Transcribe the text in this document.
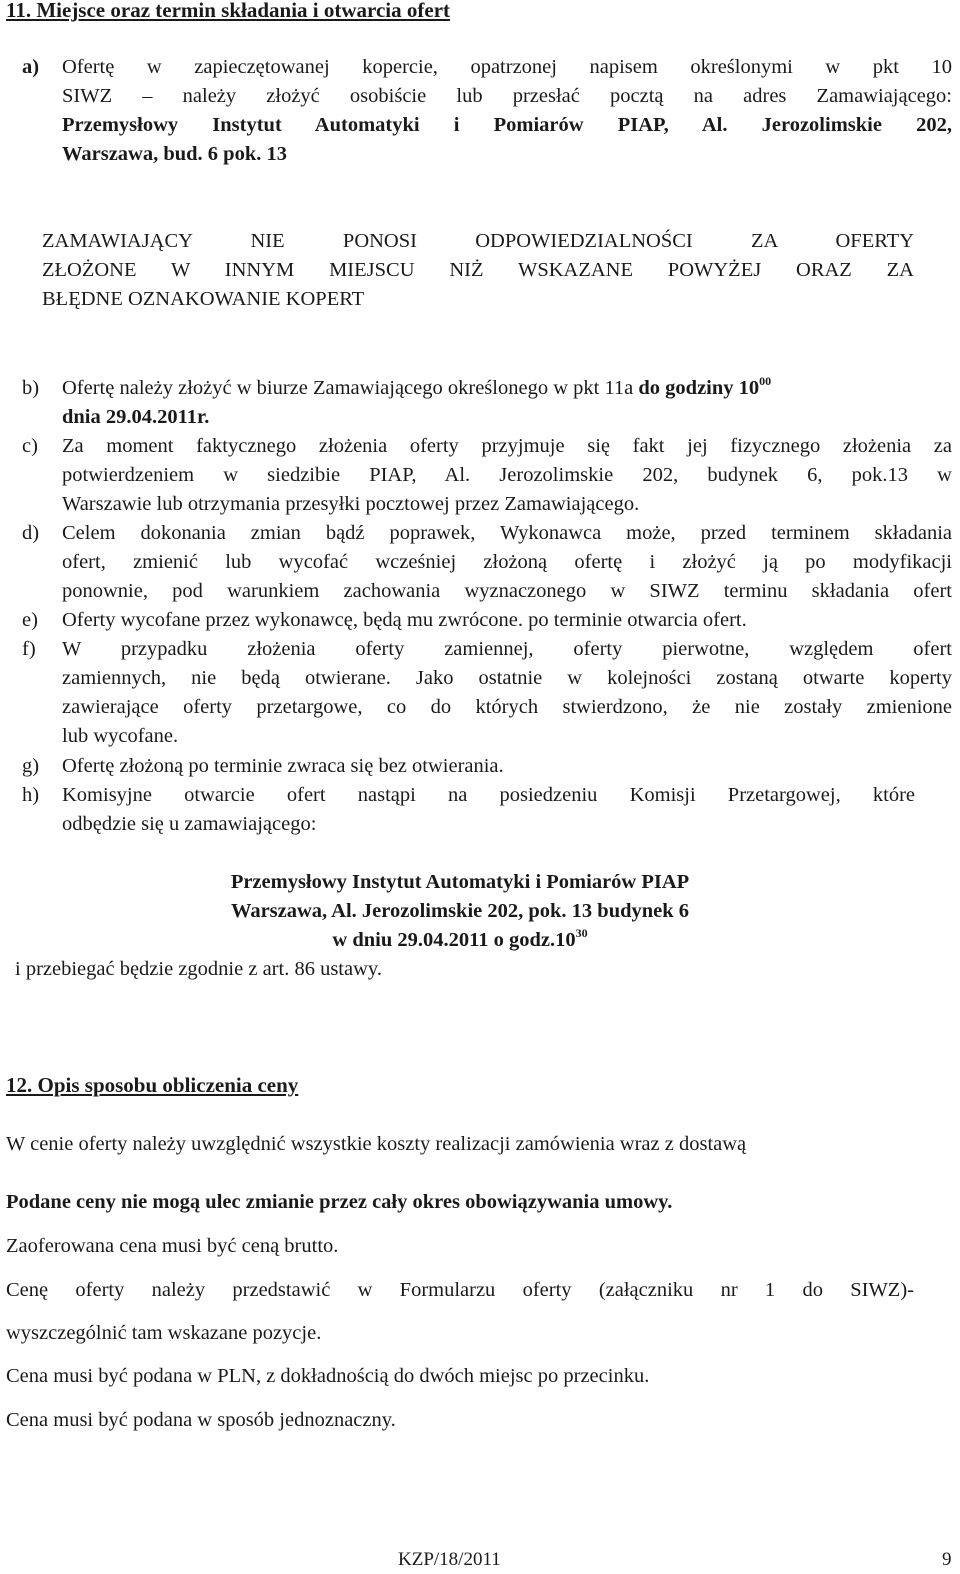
11. Miejsce oraz termin składania i otwarcia ofert
a) Ofertę w zapieczętowanej kopercie, opatrzonej napisem określonymi w pkt 10
SIWZ – należy złożyć osobiście lub przesłać pocztą na adres Zamawiającego:
Przemysłowy Instytut Automatyki i Pomiarów PIAP, Al. Jerozolimskie 202,
Warszawa, bud. 6 pok. 13
ZAMAWIAJĄCY NIE PONOSI ODPOWIEDZIALNOŚCI ZA OFERTY
ZŁOŻONE W INNYM MIEJSCU NIŻ WSKAZANE POWYŻEJ ORAZ ZA
BŁĘDNE OZNAKOWANIE KOPERT
b) Ofertę należy złożyć w biurze Zamawiającego określonego w pkt 11a do godziny $10^{00}$
dnia 29.04.2011r.
c) Za moment faktycznego złożenia oferty przyjmuje się fakt jej fizycznego złożenia za
potwierdzeniem w siedzibie PIAP, Al. Jerozolimskie 202, budynek 6, pok.13 w
Warszawie lub otrzymania przesyłki pocztowej przez Zamawiającego.
d) Celem dokonania zmian bądź poprawek, Wykonawca może, przed terminem składania
ofert, zmienić lub wycofać wcześniej złożoną ofertę i złożyć ją po modyfikacji
ponownie, pod warunkiem zachowania wyznaczonego w SIWZ terminu składania ofert
e) Oferty wycofane przez wykonawcę, będą mu zwrócone. po terminie otwarcia ofert.
f) W przypadku złożenia oferty zamiennej, oferty pierwotne, względem ofert
zamiennych, nie będą otwierane. Jako ostatnie w kolejności zostaną otwarte koperty
zawierające oferty przetargowe, co do których stwierdzono, że nie zostały zmienione
lub wycofane.
g) Ofertę złożoną po terminie zwraca się bez otwierania.
h) Komisyjne otwarcie ofert nastąpi na posiedzeniu Komisji Przetargowej, które
odbędzie się u zamawiającego:
Przemysłowy Instytut Automatyki i Pomiarów PIAP
Warszawa, Al. Jerozolimskie 202, pok. 13 budynek 6
w dniu 29.04.2011 o $godz.10^{30}$
i przebiegać będzie zgodnie z art. 86 ustawy.
12. Opis sposobu obliczenia ceny
W cenie oferty należy uwzględnić wszystkie koszty realizacji zamówienia wraz z dostawą
Podane ceny nie mogą ulec zmianie przez cały okres obowiązywania umowy.
Zaoferowana cena musi być ceną brutto.
Cenę oferty należy przedstawić w Formularzu oferty (załączniku nr 1 do SIWZ)-
wyszczególnić tam wskazane pozycje.
Cena musi być podana w PLN, z dokładnością do dwóch miejsc po przecinku.
Cena musi być podana w sposób jednoznaczny.
KZP/18/2011	9
